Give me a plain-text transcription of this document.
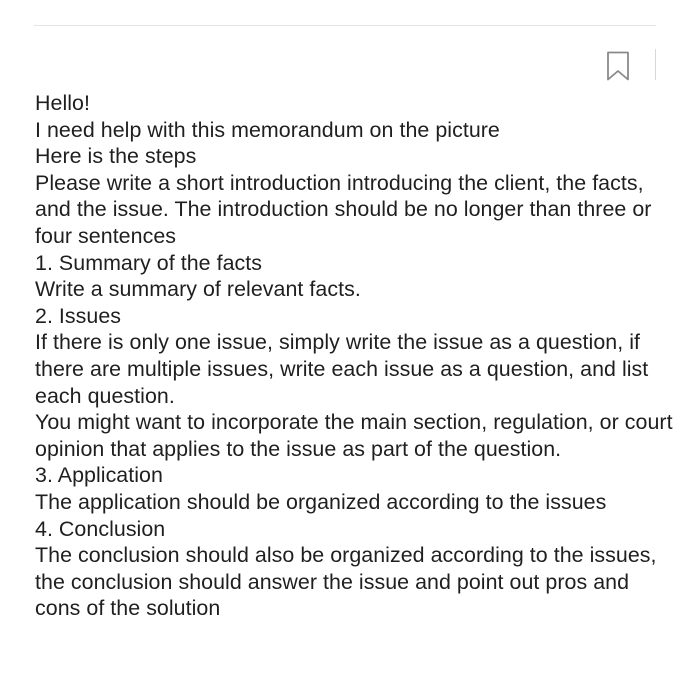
Hello!
I need help with this memorandum on the picture
Here is the steps
Please write a short introduction introducing the client, the facts, and the issue. The introduction should be no longer than three or four sentences
1. Summary of the facts
Write a summary of relevant facts.
2. Issues
If there is only one issue, simply write the issue as a question, if there are multiple issues, write each issue as a question, and list each question.
You might want to incorporate the main section, regulation, or court opinion that applies to the issue as part of the question.
3. Application
The application should be organized according to the issues
4. Conclusion
The conclusion should also be organized according to the issues, the conclusion should answer the issue and point out pros and cons of the solution
